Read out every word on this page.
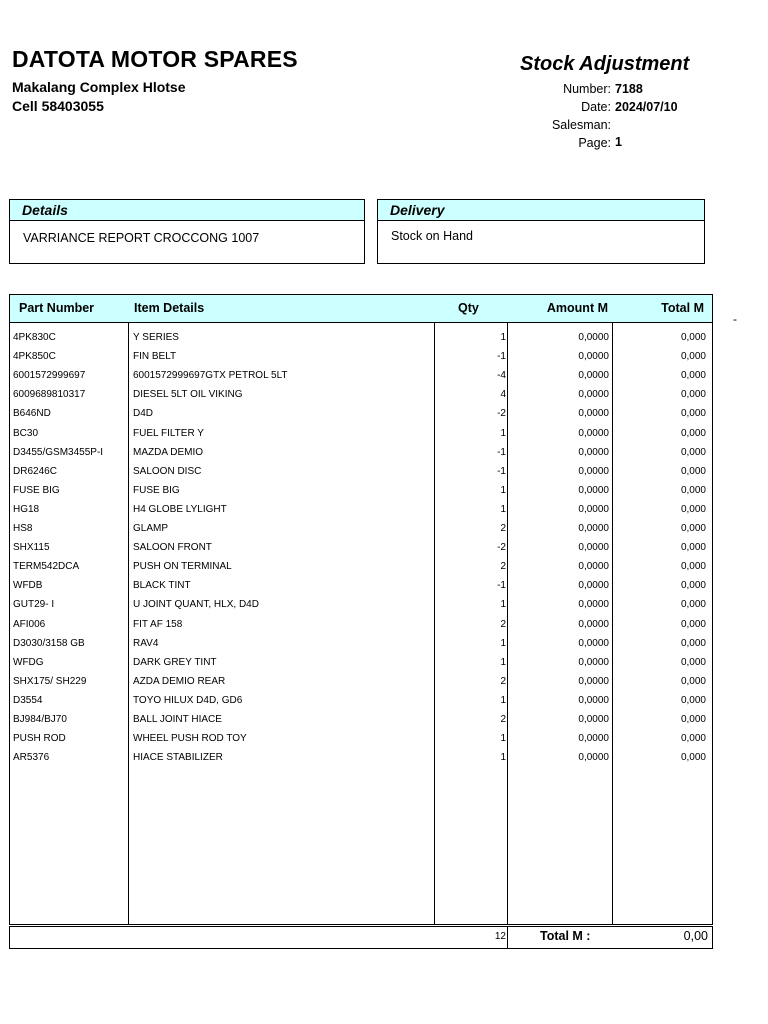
DATOTA MOTOR SPARES
Makalang Complex Hlotse
Cell 58403055
Stock Adjustment
Number: 7188
Date: 2024/07/10
Salesman:
Page: 1
Details
VARRIANCE REPORT CROCCONG 1007
Delivery
Stock on Hand
Part Number	Item Details	Qty	Amount M	Total M
-
4PK830C	Y SERIES	1	0,0000	0,000
4PK850C	FIN BELT	-1	0,0000	0,000
6001572999697	6001572999697GTX PETROL 5LT	-4	0,0000	0,000
6009689810317	DIESEL 5LT OIL VIKING	4	0,0000	0,000
B646ND	D4D	-2	0,0000	0,000
BC30	FUEL FILTER Y	1	0,0000	0,000
D3455/GSM3455P-I	MAZDA DEMIO	-1	0,0000	0,000
DR6246C	SALOON DISC	-1	0,0000	0,000
FUSE BIG	FUSE BIG	1	0,0000	0,000
HG18	H4 GLOBE LYLIGHT	1	0,0000	0,000
HS8	GLAMP	2	0,0000	0,000
SHX115	SALOON FRONT	-2	0,0000	0,000
TERM542DCA	PUSH ON TERMINAL	2	0,0000	0,000
WFDB	BLACK TINT	-1	0,0000	0,000
GUT29- I	U JOINT QUANT, HLX, D4D	1	0,0000	0,000
AFI006	FIT AF 158	2	0,0000	0,000
D3030/3158 GB	RAV4	1	0,0000	0,000
WFDG	DARK GREY TINT	1	0,0000	0,000
SHX175/ SH229	AZDA DEMIO REAR	2	0,0000	0,000
D3554	TOYO HILUX D4D, GD6	1	0,0000	0,000
BJ984/BJ70	BALL JOINT HIACE	2	0,0000	0,000
PUSH ROD	WHEEL PUSH ROD TOY	1	0,0000	0,000
AR5376	HIACE STABILIZER	1	0,0000	0,000
12	Total M :	0,00
